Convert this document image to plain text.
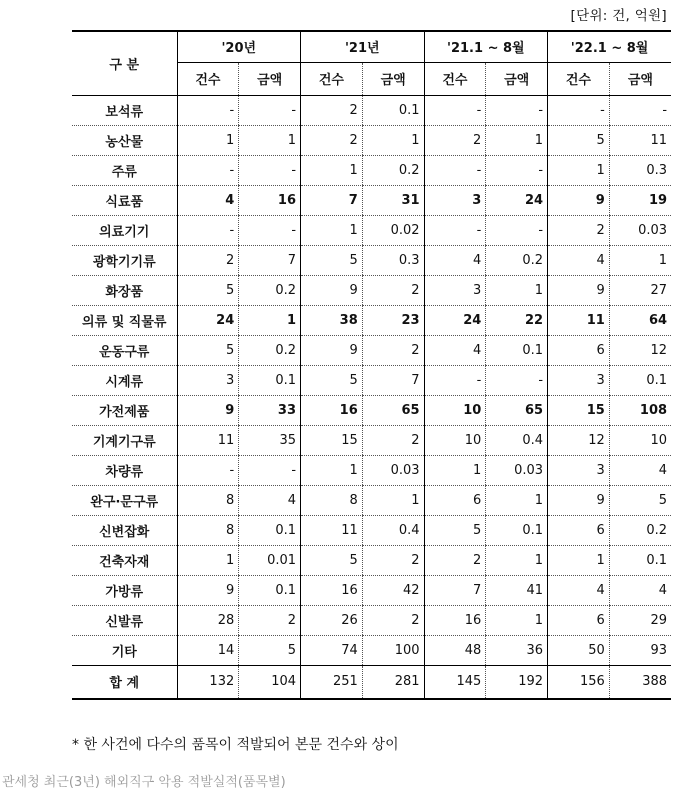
[단위: 건, 억원]
구 분	'20년		'21년		'21.1 ~ 8월		'22.1 ~ 8월	
	건수	금액	건수	금액	건수	금액	건수	금액
보석류	-	-	2	0.1	-	-	-	-
농산물	1	1	2	1	2	1	5	11
주류	-	-	1	0.2	-	-	1	0.3
식료품	4	16	7	31	3	24	9	19
의료기기	-	-	1	0.02	-	-	2	0.03
광학기기류	2	7	5	0.3	4	0.2	4	1
화장품	5	0.2	9	2	3	1	9	27
의류 및 직물류	24	1	38	23	24	22	11	64
운동구류	5	0.2	9	2	4	0.1	6	12
시계류	3	0.1	5	7	-	-	3	0.1
가전제품	9	33	16	65	10	65	15	108
기계기구류	11	35	15	2	10	0.4	12	10
차량류	-	-	1	0.03	1	0.03	3	4
완구·문구류	8	4	8	1	6	1	9	5
신변잡화	8	0.1	11	0.4	5	0.1	6	0.2
건축자재	1	0.01	5	2	2	1	1	0.1
가방류	9	0.1	16	42	7	41	4	4
신발류	28	2	26	2	16	1	6	29
기타	14	5	74	100	48	36	50	93
합 계	132	104	251	281	145	192	156	388
* 한 사건에 다수의 품목이 적발되어 본문 건수와 상이
관세청 최근(3년) 해외직구 악용 적발실적(품목별)
